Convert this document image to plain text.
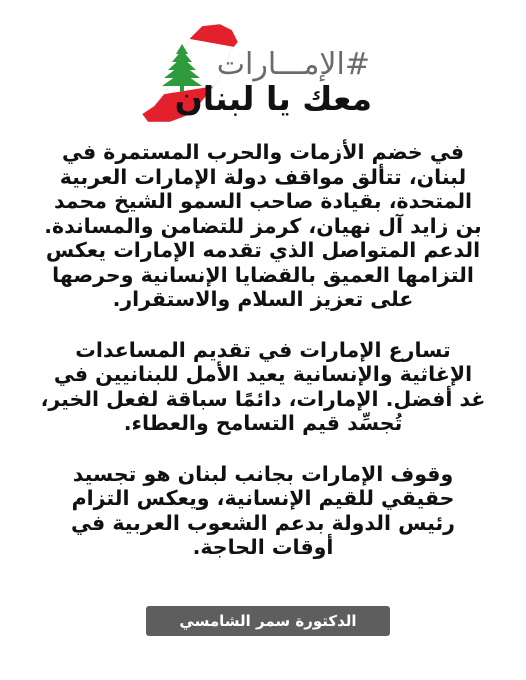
#الإمـــارات
معك يا لبنان

في خضم الأزمات والحرب المستمرة في لبنان، تتألق مواقف دولة الإمارات العربية المتحدة، بقيادة صاحب السمو الشيخ محمد بن زايد آل نهيان، كرمز للتضامن والمساندة. الدعم المتواصل الذي تقدمه الإمارات يعكس التزامها العميق بالقضايا الإنسانية وحرصها على تعزيز السلام والاستقرار.

تسارع الإمارات في تقديم المساعدات الإغاثية والإنسانية يعيد الأمل للبنانيين في غد أفضل. الإمارات، دائمًا سباقة لفعل الخير، تُجسِّد قيم التسامح والعطاء.

وقوف الإمارات بجانب لبنان هو تجسيد حقيقي للقيم الإنسانية، ويعكس التزام رئيس الدولة بدعم الشعوب العربية في أوقات الحاجة.

الدكتورة سمر الشامسي
